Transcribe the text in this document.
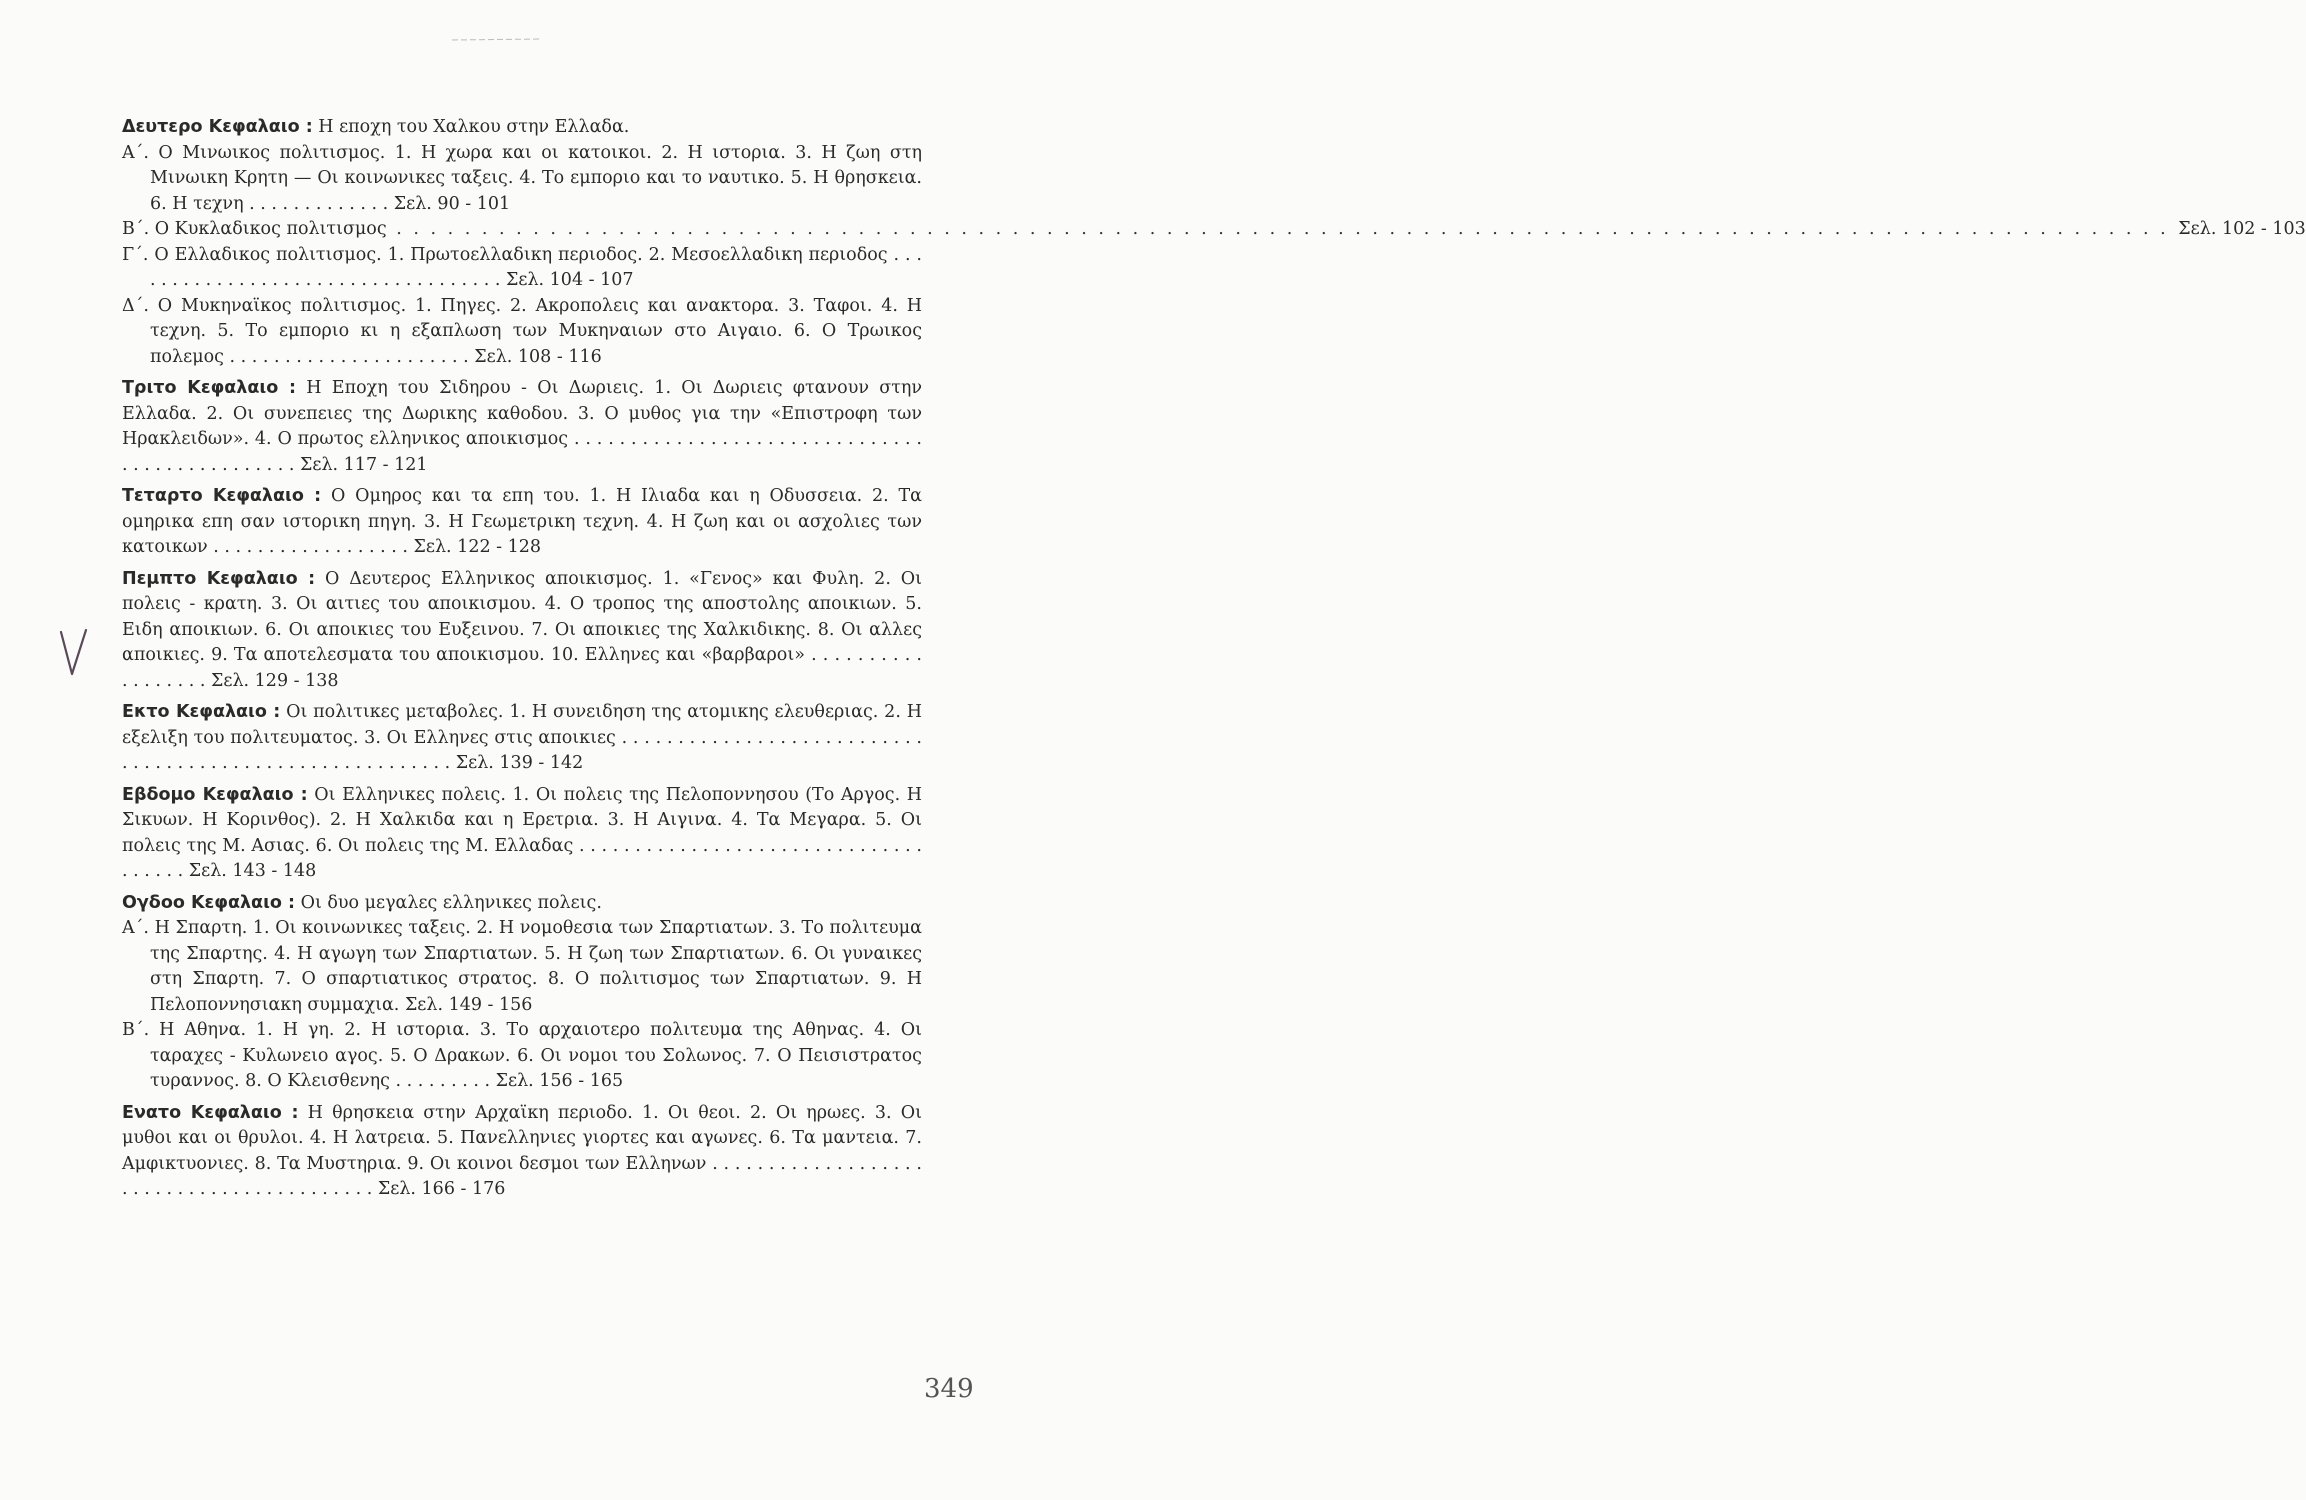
Δευτερο Κεφαλαιο : Η εποχη του Χαλκου στην Ελλαδα.
Α΄. Ο Μινωικος πολιτισμος. 1. Η χωρα και οι κατοικοι. 2. Η ιστορια. 3. Η ζωη στη Μινωικη Κρητη — Οι κοινωνικες ταξεις. 4. Το εμποριο και το ναυτικο. 5. Η θρησκεια. 6. Η τεχνη . . . . . . . . . . . . . Σελ. 90 - 101
Β΄. Ο Κυκλαδικος πολιτισμος . . .	Σελ. 102 - 103
Γ΄. Ο Ελλαδικος πολιτισμος. 1. Πρωτοελλαδικη περιοδος. 2. Μεσοελλαδικη περιοδος . . . . . . . . . . . . . . . . . . . . . . . . . . . . . . . . . . . Σελ. 104 - 107
Δ΄. Ο Μυκηναϊκος πολιτισμος. 1. Πηγες. 2. Ακροπολεις και ανακτορα. 3. Ταφοι. 4. Η τεχνη. 5. Το εμποριο κι η εξαπλωση των Μυκηναιων στο Αιγαιο. 6. Ο Τρωικος πολεμος . . . . . . . . . . . . . . . . . . . . . . Σελ. 108 - 116
Τριτο Κεφαλαιο : Η Εποχη του Σιδηρου - Οι Δωριεις. 1. Οι Δωριεις φτανουν στην Ελλαδα. 2. Οι συνεπειες της Δωρικης καθοδου. 3. Ο μυθος για την «Επιστροφη των Ηρακλειδων». 4. Ο πρωτος ελληνικος αποικισμος . . . . . . . . . . . . . . . . . . . . . . . . . . . . . . . . . . . . . . . . . . . . . . . Σελ. 117 - 121
Τεταρτο Κεφαλαιο : Ο Ομηρος και τα επη του. 1. Η Ιλιαδα και η Οδυσσεια. 2. Τα ομηρικα επη σαν ιστορικη πηγη. 3. Η Γεωμετρικη τεχνη. 4. Η ζωη και οι ασχολιες των κατοικων . . . . . . . . . . . . . . . . . . Σελ. 122 - 128
Πεμπτο Κεφαλαιο : Ο Δευτερος Ελληνικος αποικισμος. 1. «Γενος» και Φυλη. 2. Οι πολεις - κρατη. 3. Οι αιτιες του αποικισμου. 4. Ο τροπος της αποστολης αποικιων. 5. Ειδη αποικιων. 6. Οι αποικιες του Ευξεινου. 7. Οι αποικιες της Χαλκιδικης. 8. Οι αλλες αποικιες. 9. Τα αποτελεσματα του αποικισμου. 10. Ελληνες και «βαρβαροι» . . . . . . . . . . . . . . . . . . Σελ. 129 - 138
Εκτο Κεφαλαιο : Οι πολιτικες μεταβολες. 1. Η συνειδηση της ατομικης ελευθεριας. 2. Η εξελιξη του πολιτευματος. 3. Οι Ελληνες στις αποικιες . . . . . . . . . . . . . . . . . . . . . . . . . . . . . . . . . . . . . . . . . . . . . . . . . . . . . . . . . Σελ. 139 - 142
Εβδομο Κεφαλαιο : Οι Ελληνικες πολεις. 1. Οι πολεις της Πελοποννησου (Το Αργος. Η Σικυων. Η Κορινθος). 2. Η Χαλκιδα και η Ερετρια. 3. Η Αιγινα. 4. Τα Μεγαρα. 5. Οι πολεις της Μ. Ασιας. 6. Οι πολεις της Μ. Ελλαδας . . . . . . . . . . . . . . . . . . . . . . . . . . . . . . . . . . . . . Σελ. 143 - 148
Ογδοο Κεφαλαιο : Οι δυο μεγαλες ελληνικες πολεις.
Α΄. Η Σπαρτη. 1. Οι κοινωνικες ταξεις. 2. Η νομοθεσια των Σπαρτιατων. 3. Το πολιτευμα της Σπαρτης. 4. Η αγωγη των Σπαρτιατων. 5. Η ζωη των Σπαρτιατων. 6. Οι γυναικες στη Σπαρτη. 7. Ο σπαρτιατικος στρατος. 8. Ο πολιτισμος των Σπαρτιατων. 9. Η Πελοποννησιακη συμμαχια. Σελ. 149 - 156
Β΄. Η Αθηνα. 1. Η γη. 2. Η ιστορια. 3. Το αρχαιοτερο πολιτευμα της Αθηνας. 4. Οι ταραχες - Κυλωνειο αγος. 5. Ο Δρακων. 6. Οι νομοι του Σολωνος. 7. Ο Πεισιστρατος τυραννος. 8. Ο Κλεισθενης . . . . . . . . . Σελ. 156 - 165
Ενατο Κεφαλαιο : Η θρησκεια στην Αρχαϊκη περιοδο. 1. Οι θεοι. 2. Οι ηρωες. 3. Οι μυθοι και οι θρυλοι. 4. Η λατρεια. 5. Πανελληνιες γιορτες και αγωνες. 6. Τα μαντεια. 7. Αμφικτυονιες. 8. Τα Μυστηρια. 9. Οι κοινοι δεσμοι των Ελληνων . . . . . . . . . . . . . . . . . . . . . . . . . . . . . . . . . . . . . . . . . . Σελ. 166 - 176
349
